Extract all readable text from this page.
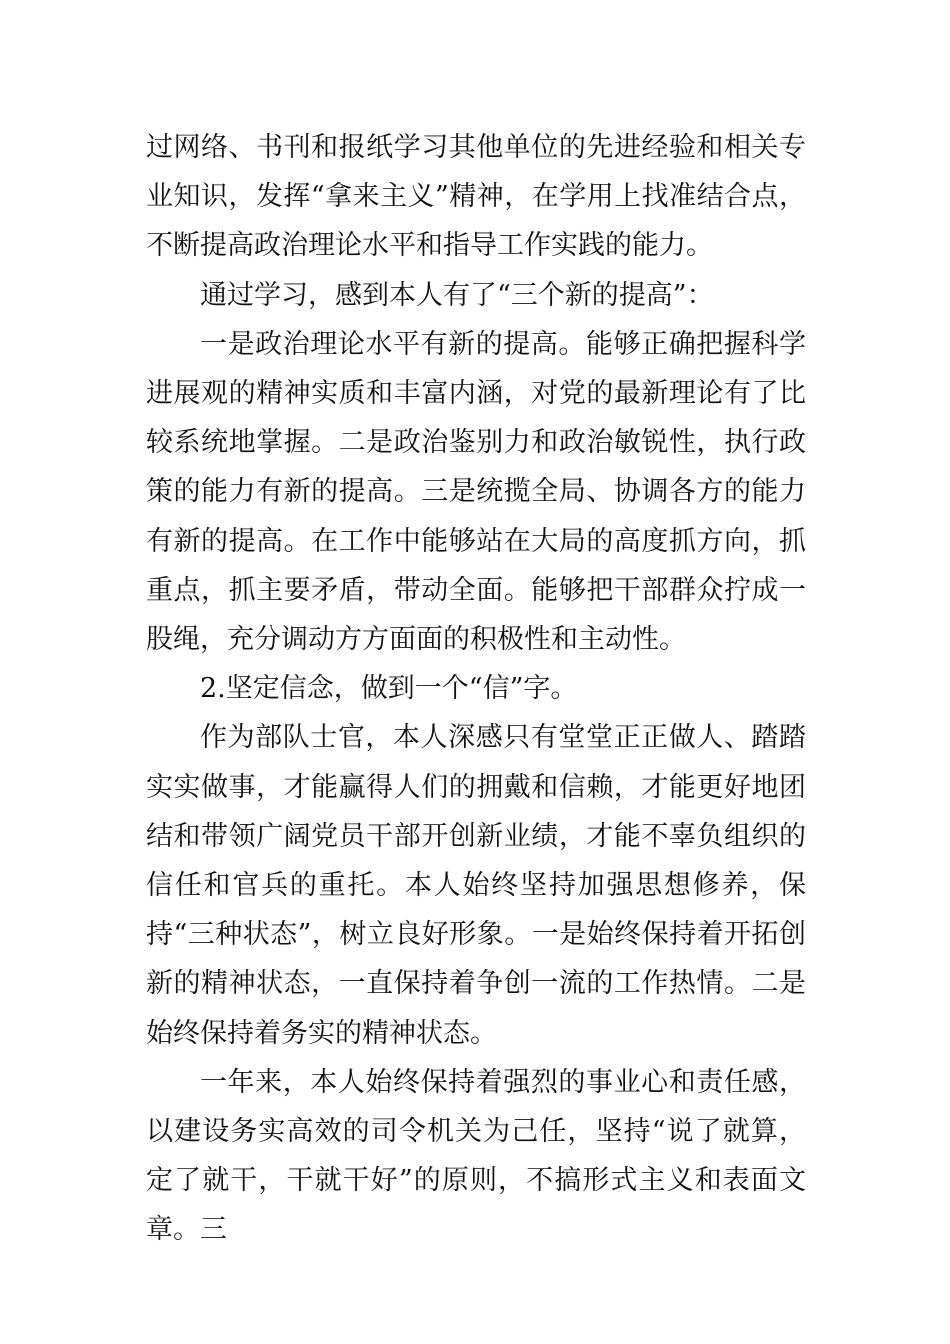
过网络、书刊和报纸学习其他单位的先进经验和相关专业知识，发挥“拿来主义”精神，在学用上找准结合点，不断提高政治理论水平和指导工作实践的能力。

通过学习，感到本人有了“三个新的提高”：

一是政治理论水平有新的提高。能够正确把握科学进展观的精神实质和丰富内涵，对党的最新理论有了比较系统地掌握。二是政治鉴别力和政治敏锐性，执行政策的能力有新的提高。三是统揽全局、协调各方的能力有新的提高。在工作中能够站在大局的高度抓方向，抓重点，抓主要矛盾，带动全面。能够把干部群众拧成一股绳，充分调动方方面面的积极性和主动性。

2.坚定信念，做到一个“信”字。

作为部队士官，本人深感只有堂堂正正做人、踏踏实实做事，才能赢得人们的拥戴和信赖，才能更好地团结和带领广阔党员干部开创新业绩，才能不辜负组织的信任和官兵的重托。本人始终坚持加强思想修养，保持“三种状态”，树立良好形象。一是始终保持着开拓创新的精神状态，一直保持着争创一流的工作热情。二是始终保持着务实的精神状态。

一年来，本人始终保持着强烈的事业心和责任感，以建设务实高效的司令机关为己任，坚持“说了就算，定了就干，干就干好”的原则，不搞形式主义和表面文章。三
